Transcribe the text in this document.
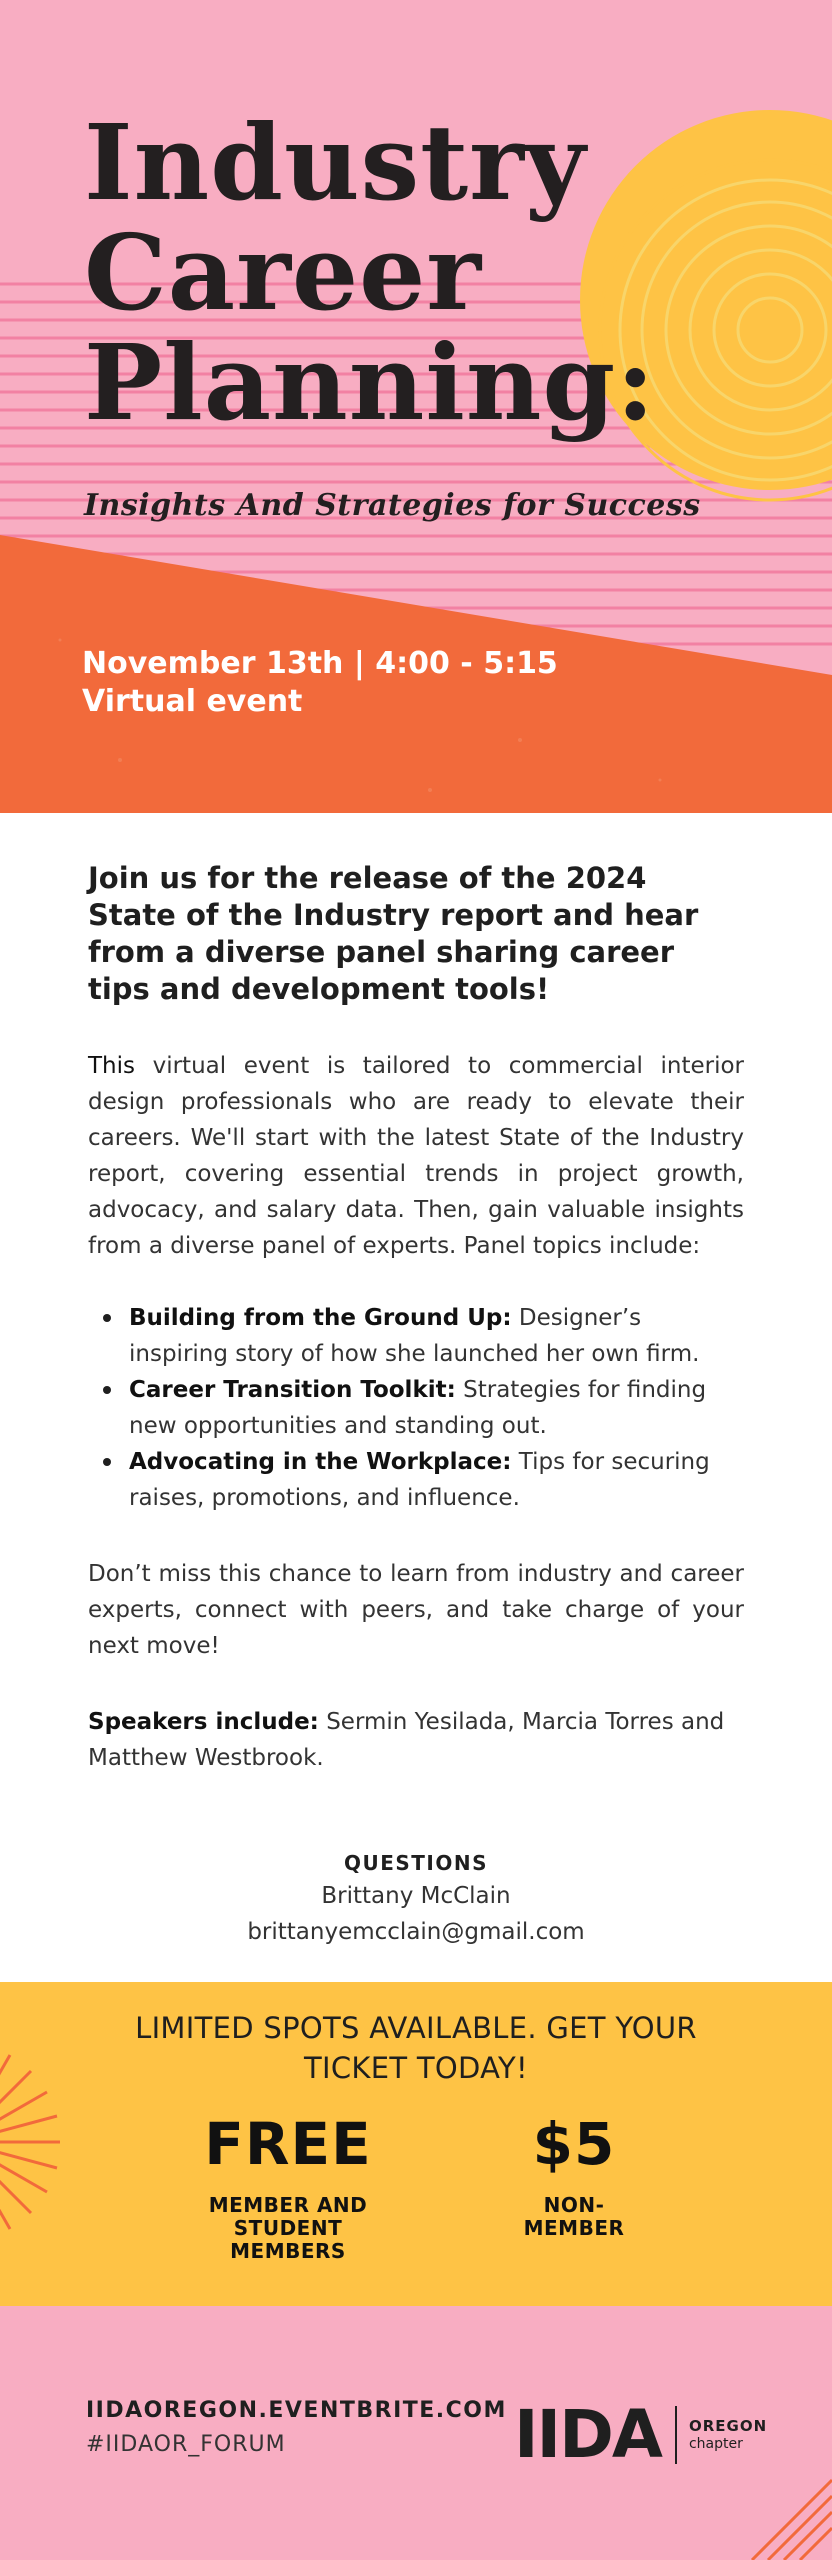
Industry
Career
Planning:
Insights And Strategies for Success
November 13th | 4:00 - 5:15
Virtual event
Join us for the release of the 2024 State of the Industry report and hear from a diverse panel sharing career tips and development tools!

This virtual event is tailored to commercial interior design professionals who are ready to elevate their careers. We'll start with the latest State of the Industry report, covering essential trends in project growth, advocacy, and salary data. Then, gain valuable insights from a diverse panel of experts. Panel topics include:

Building from the Ground Up: Designer’s inspiring story of how she launched her own firm.
Career Transition Toolkit: Strategies for finding new opportunities and standing out.
Advocating in the Workplace: Tips for securing raises, promotions, and influence.

Don’t miss this chance to learn from industry and career experts, connect with peers, and take charge of your next move!

Speakers include: Sermin Yesilada, Marcia Torres and Matthew Westbrook.

QUESTIONS
Brittany McClain
brittanyemcclain@gmail.com
LIMITED SPOTS AVAILABLE. GET YOUR TICKET TODAY!
FREE
MEMBER AND
STUDENT
MEMBERS
$5
NON-
MEMBER
IIDAOREGON.EVENTBRITE.COM
#IIDAOR_FORUM	IIDA OREGON
chapter
